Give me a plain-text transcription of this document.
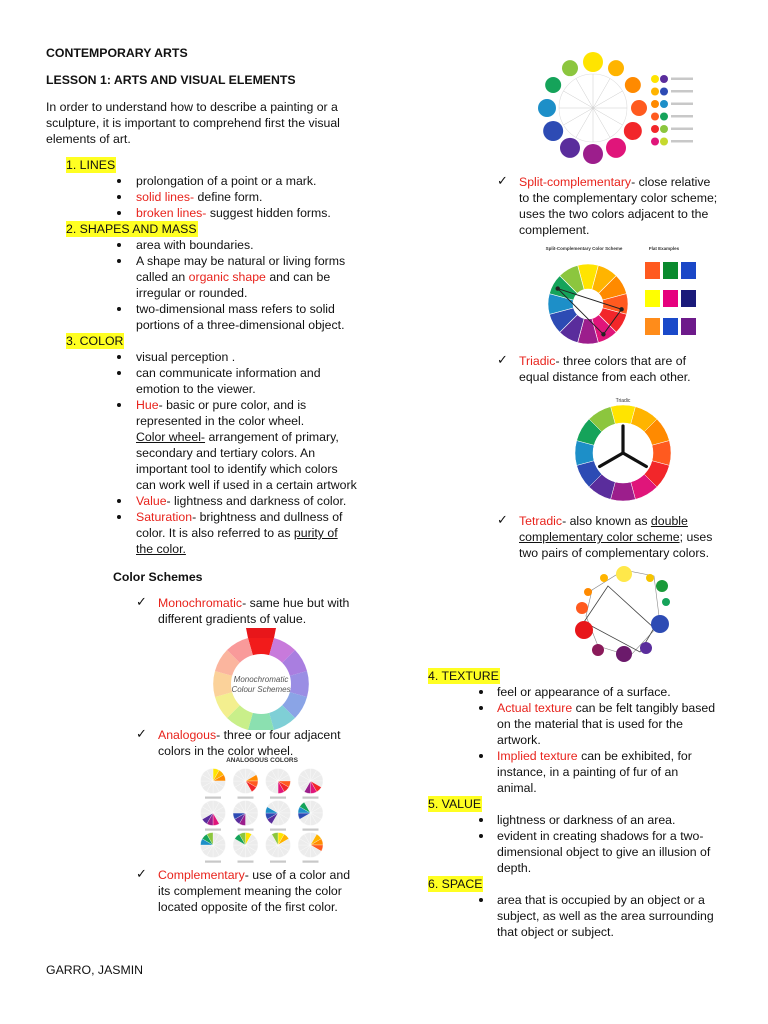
CONTEMPORARY ARTS
LESSON 1: ARTS AND VISUAL ELEMENTS
In order to understand how to describe a painting or a
sculpture, it is important to comprehend first the visual
elements of art.
1. LINES
prolongation of a point or a mark.
solid lines- define form.
broken lines- suggest hidden forms.
2. SHAPES AND MASS
area with boundaries.
A shape may be natural or living forms
called an organic shape and can be
irregular or rounded.
two-dimensional mass refers to solid
portions of a three-dimensional object.
3. COLOR
visual perception .
can communicate information and
emotion to the viewer.
Hue- basic or pure color, and is
represented in the color wheel.
Color wheel- arrangement of primary,
secondary and tertiary colors. An
important tool to identify which colors
can work well if used in a certain artwork
Value- lightness and darkness of color.
Saturation- brightness and dullness of
color. It is also referred to as purity of
the color.
Color Schemes
✓ Monochromatic- same hue but with
different gradients of value.
Monochromatic
Colour Schemes
✓ Analogous- three or four adjacent
colors in the color wheel.
ANALOGOUS COLORS
✓ Complementary- use of a color and
its complement meaning the color
located opposite of the first color.
GARRO, JASMIN
✓ Split-complementary- close relative
to the complementary color scheme;
uses the two colors adjacent to the
complement.
Split-Complementary Color Scheme	Flat Examples
✓ Triadic- three colors that are of
equal distance from each other.
Triadic
✓ Tetradic- also known as double
complementary color scheme; uses
two pairs of complementary colors.
4. TEXTURE
feel or appearance of a surface.
Actual texture can be felt tangibly based
on the material that is used for the
artwork.
Implied texture can be exhibited, for
instance, in a painting of fur of an
animal.
5. VALUE
lightness or darkness of an area.
evident in creating shadows for a two-
dimensional object to give an illusion of
depth.
6. SPACE
area that is occupied by an object or a
subject, as well as the area surrounding
that object or subject.
